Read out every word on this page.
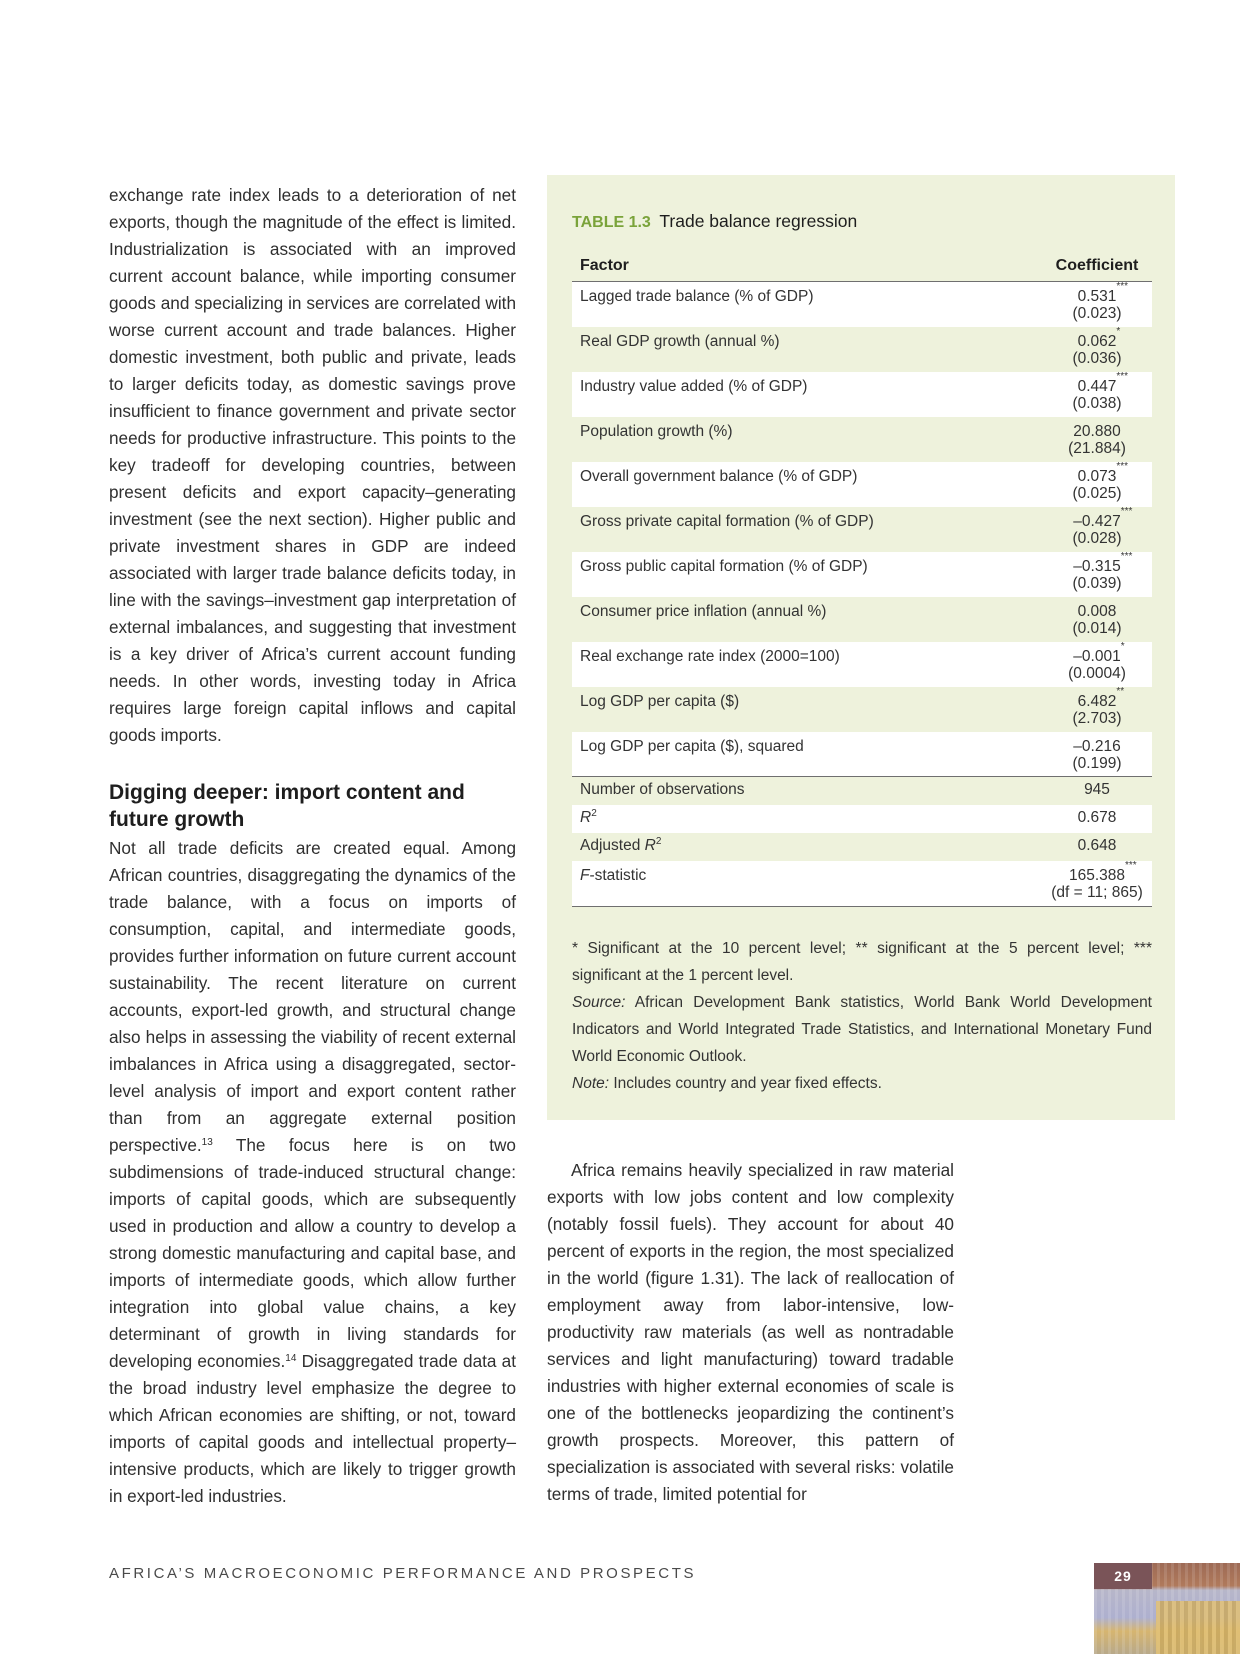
exchange rate index leads to a deterioration of net exports, though the magnitude of the effect is limited. Industrialization is associated with an improved current account balance, while importing consumer goods and specializing in services are correlated with worse current account and trade balances. Higher domestic investment, both public and private, leads to larger deficits today, as domestic savings prove insufficient to finance government and private sector needs for productive infrastructure. This points to the key tradeoff for developing countries, between present deficits and export capacity–generating investment (see the next section). Higher public and private investment shares in GDP are indeed associated with larger trade balance deficits today, in line with the savings–investment gap interpretation of external imbalances, and suggesting that investment is a key driver of Africa’s current account funding needs. In other words, investing today in Africa requires large foreign capital inflows and capital goods imports.

Digging deeper: import content and future growth

Not all trade deficits are created equal. Among African countries, disaggregating the dynamics of the trade balance, with a focus on imports of consumption, capital, and intermediate goods, provides further information on future current account sustainability. The recent literature on current accounts, export-led growth, and structural change also helps in assessing the viability of recent external imbalances in Africa using a disaggregated, sector-level analysis of import and export content rather than from an aggregate external position perspective.$^{13}$ The focus here is on two subdimensions of trade-induced structural change: imports of capital goods, which are subsequently used in production and allow a country to develop a strong domestic manufacturing and capital base, and imports of intermediate goods, which allow further integration into global value chains, a key determinant of growth in living standards for developing economies.$^{14}$ Disaggregated trade data at the broad industry level emphasize the degree to which African economies are shifting, or not, toward imports of capital goods and intellectual property–intensive products, which are likely to trigger growth in export-led industries.

TABLE 1.3 Trade balance regression
Factor	Coefficient
Lagged trade balance (% of GDP)	0.531
***

(0.023)
Real GDP growth (annual %)	0.062
*

(0.036)
Industry value added (% of GDP)	0.447
***

(0.038)
Population growth (%)	20.880
(21.884)
Overall government balance (% of GDP)	0.073
***

(0.025)
Gross private capital formation (% of GDP)	–0.427
***

(0.028)
Gross public capital formation (% of GDP)	–0.315
***

(0.039)
Consumer price inflation (annual %)	0.008
(0.014)
Real exchange rate index (2000=100)	–0.001
*

(0.0004)
Log GDP per capita ($)	6.482
**

(2.703)
Log GDP per capita ($), squared	–0.216
(0.199)
Number of observations	945
$R^2$	0.678
Adjusted $R^2$	0.648
F-statistic	165.388
***

(df = 11; 865)

* Significant at the 10 percent level; ** significant at the 5 percent level; *** significant at the 1 percent level.

Source: African Development Bank statistics, World Bank World Development Indicators and World Integrated Trade Statistics, and International Monetary Fund World Economic Outlook.

Note: Includes country and year fixed effects.

Africa remains heavily specialized in raw material exports with low jobs content and low complexity (notably fossil fuels). They account for about 40 percent of exports in the region, the most specialized in the world (figure 1.31). The lack of reallocation of employment away from labor-intensive, low-productivity raw materials (as well as nontradable services and light manufacturing) toward tradable industries with higher external economies of scale is one of the bottlenecks jeopardizing the continent’s growth prospects. Moreover, this pattern of specialization is associated with several risks: volatile terms of trade, limited potential for

AFRICA’S MACROECONOMIC PERFORMANCE AND PROSPECTS	29
